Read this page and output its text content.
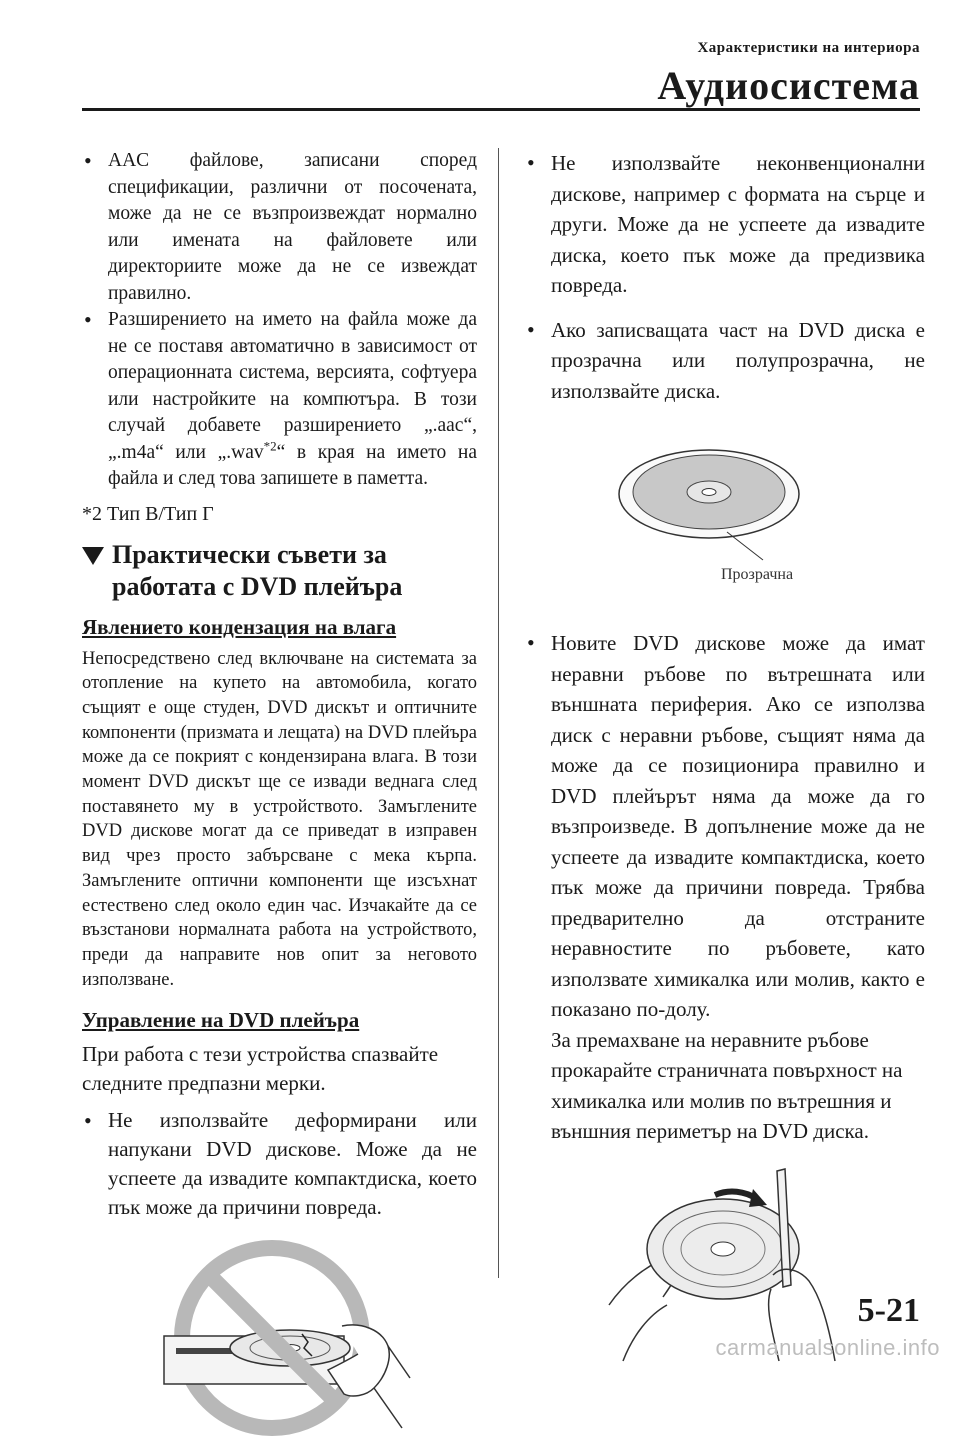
Характеристики на интериора
Аудиосистема
• AAC файлове, записани според спецификации, различни от посочената, може да не се възпроизвеждат нормално или имената на файловете или директориите може да не се извеждат правилно.
• Разширението на името на файла може да не се поставя автоматично в зависимост от операционната система, версията, софтуера или настройките на компютъра. В този случай добавете разширението „.aac“, „.m4a“ или „.wav$^{*2}$“ в края на името на файла и след това запишете в паметта.
*2 Тип B/Тип Г
Практически съвети за работата с DVD плейъра
Явлението кондензация на влага
Непосредствено след включване на системата за отопление на купето на автомобила, когато същият е още студен, DVD дискът и оптичните компоненти (призмата и лещата) на DVD плейъра може да се покрият с кондензирана влага. В този момент DVD дискът ще се извади веднага след поставянето му в устройството. Замъглените DVD дискове могат да се приведат в изправен вид чрез просто забърсване с мека кърпа. Замъглените оптични компоненти ще изсъхнат естествено след около един час. Изчакайте да се възстанови нормалната работа на устройството, преди да направите нов опит за неговото използване.
Управление на DVD плейъра
При работа с тези устройства спазвайте следните предпазни мерки.
• Не използвайте деформирани или напукани DVD дискове. Може да не успеете да извадите компактдиска, което пък може да причини повреда.
• Не използвайте неконвенционални дискове, например с формата на сърце и други. Може да не успеете да извадите диска, което пък може да предизвика повреда.
• Ако записващата част на DVD диска е прозрачна или полупрозрачна, не използвайте диска.
Прозрачна
• Новите DVD дискове може да имат неравни ръбове по вътрешната или външната периферия. Ако се използва диск с неравни ръбове, същият няма да може да се позиционира правилно и DVD плейърът няма да може да го възпроизведе. В допълнение може да не успеете да извадите компактдиска, което пък може да причини повреда. Трябва предварително да отстраните неравностите по ръбовете, като използвате химикалка или молив, както е показано по-долу.
За премахване на неравните ръбове прокарайте страничната повърхност на химикалка или молив по вътрешния и външния периметър на DVD диска.
5-21
carmanualsonline.info
